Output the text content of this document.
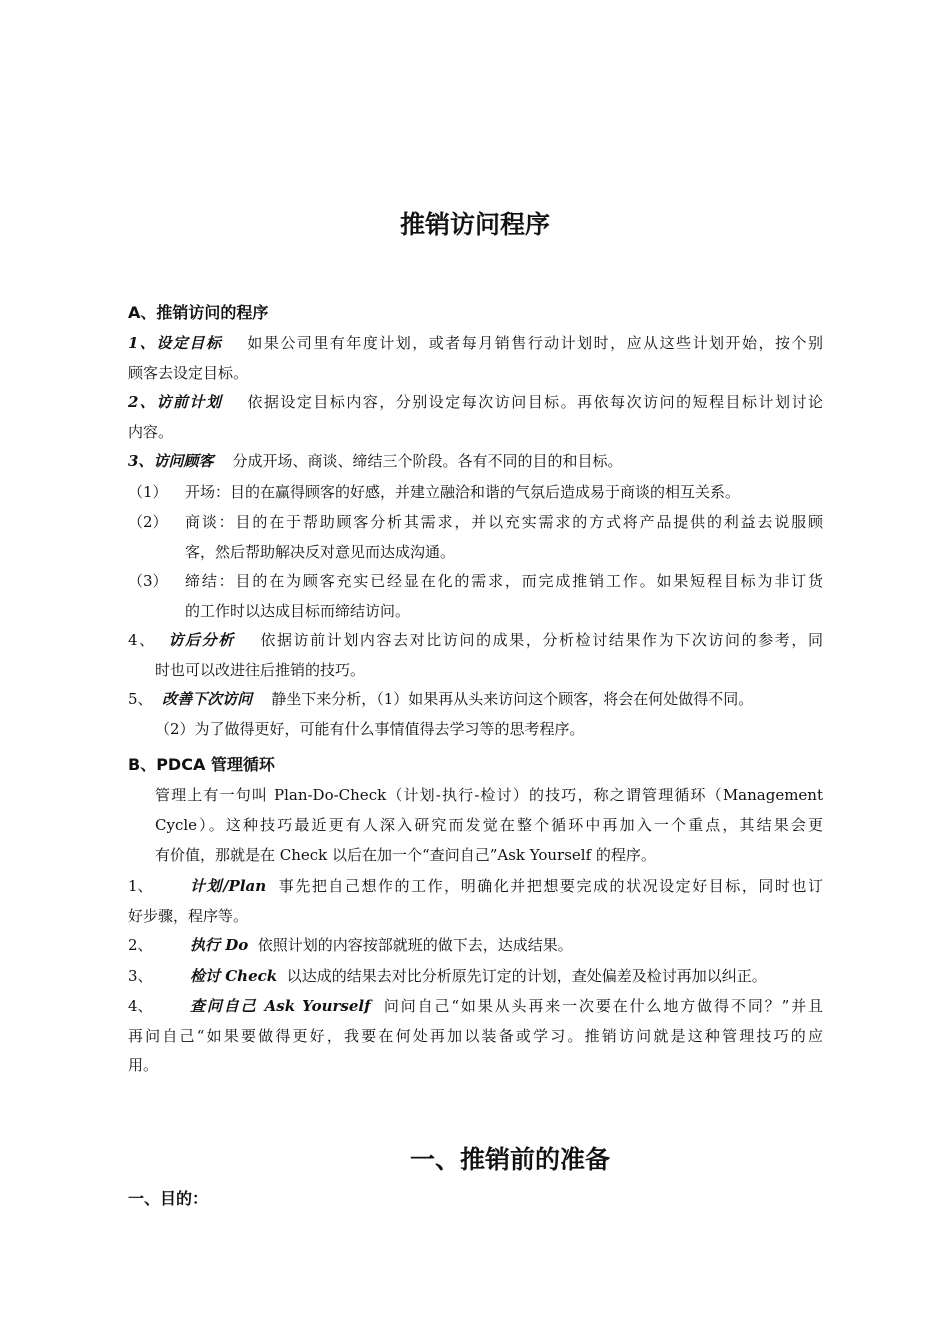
推销访问程序
A、推销访问的程序
1、设定目标 如果公司里有年度计划，或者每月销售行动计划时，应从这些计划开始，按个别
顾客去设定目标。
2、访前计划 依据设定目标内容，分别设定每次访问目标。再依每次访问的短程目标计划讨论
内容。
3、访问顾客 分成开场、商谈、缔结三个阶段。各有不同的目的和目标。
（1） 开场：目的在赢得顾客的好感，并建立融洽和谐的气氛后造成易于商谈的相互关系。
（2） 商谈：目的在于帮助顾客分析其需求，并以充实需求的方式将产品提供的利益去说服顾
客，然后帮助解决反对意见而达成沟通。
（3） 缔结：目的在为顾客充实已经显在化的需求，而完成推销工作。如果短程目标为非订货
的工作时以达成目标而缔结访问。
4、 访后分析 依据访前计划内容去对比访问的成果，分析检讨结果作为下次访问的参考，同
时也可以改进往后推销的技巧。
5、 改善下次访问 静坐下来分析，（1）如果再从头来访问这个顾客，将会在何处做得不同。
（2）为了做得更好，可能有什么事情值得去学习等的思考程序。
B、PDCA 管理循环
管理上有一句叫 Plan-Do-Check（计划-执行-检讨）的技巧，称之谓管理循环（Management
Cycle）。这种技巧最近更有人深入研究而发觉在整个循环中再加入一个重点，其结果会更
有价值，那就是在 Check 以后在加一个“查问自己”Ask Yourself 的程序。
1、 计划/Plan 事先把自己想作的工作，明确化并把想要完成的状况设定好目标，同时也订
好步骤，程序等。
2、 执行 Do 依照计划的内容按部就班的做下去，达成结果。
3、 检讨 Check 以达成的结果去对比分析原先订定的计划，查处偏差及检讨再加以纠正。
4、 查问自己 Ask Yourself 问问自己“如果从头再来一次要在什么地方做得不同？”并且
再问自己“如果要做得更好，我要在何处再加以装备或学习。推销访问就是这种管理技巧的应
用。
一、推销前的准备
一、目的：
